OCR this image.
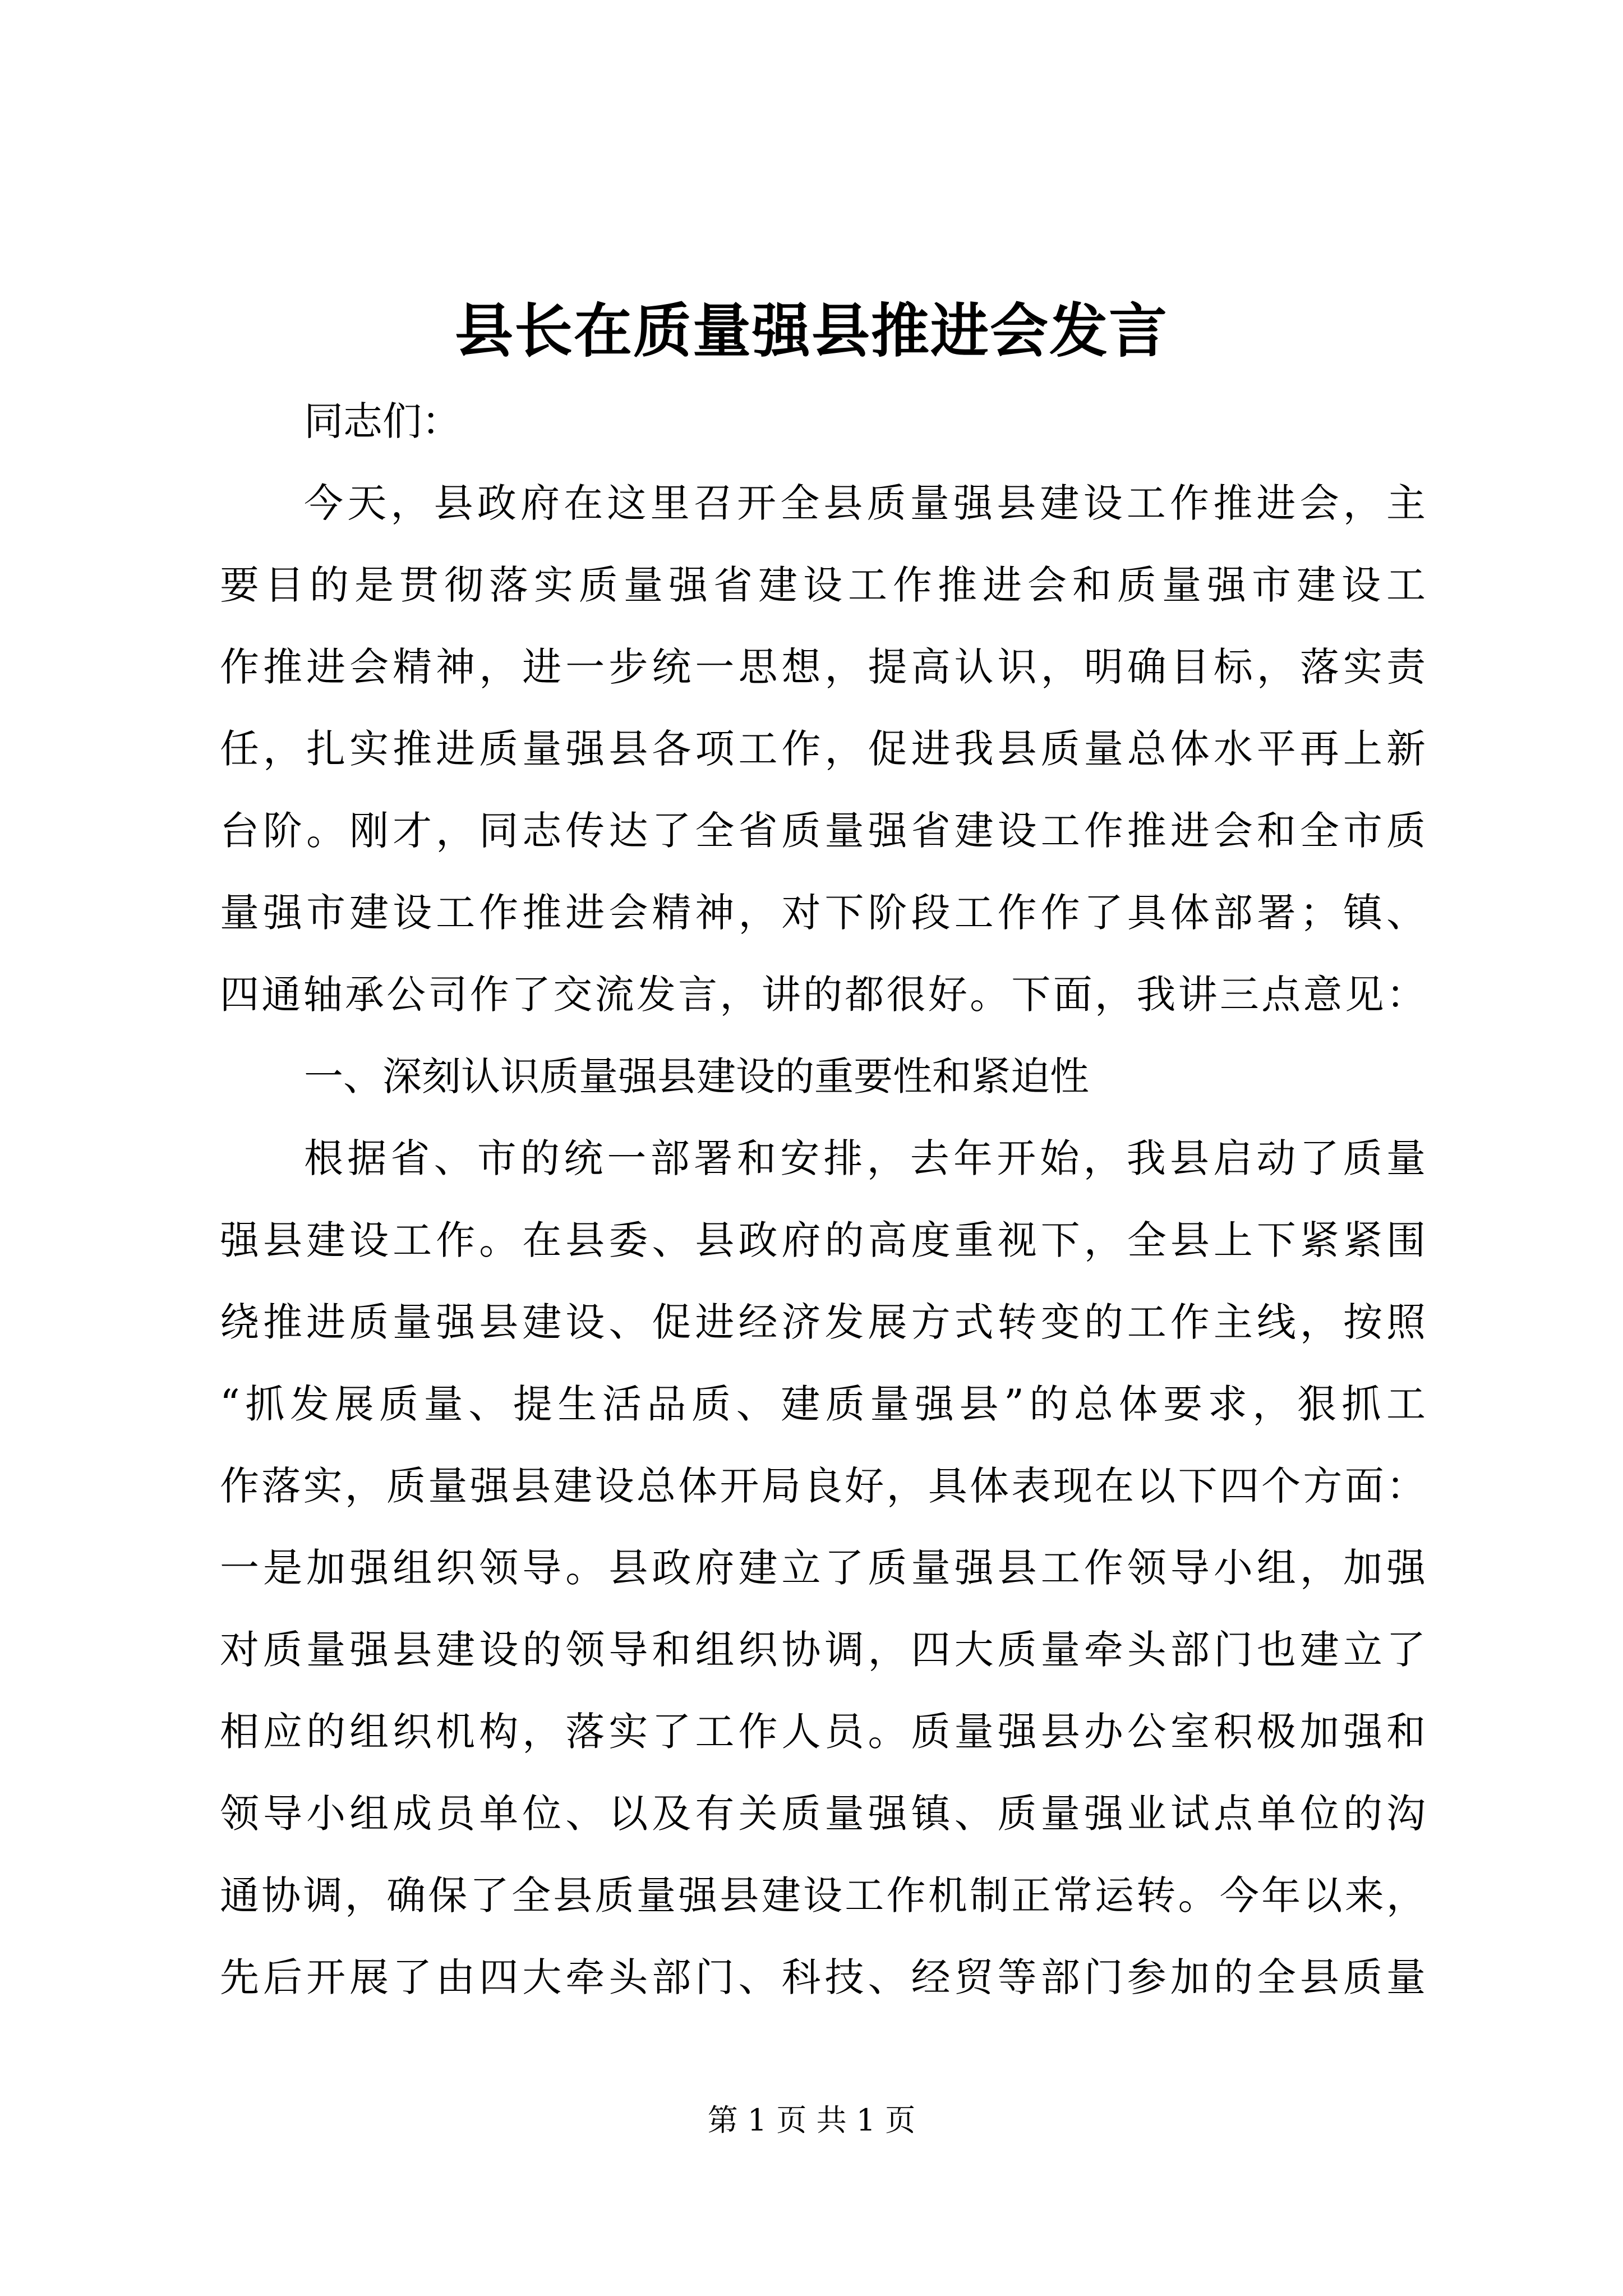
县长在质量强县推进会发言
同志们：
今天，县政府在这里召开全县质量强县建设工作推进会，主
要目的是贯彻落实质量强省建设工作推进会和质量强市建设工
作推进会精神，进一步统一思想，提高认识，明确目标，落实责
任，扎实推进质量强县各项工作，促进我县质量总体水平再上新
台阶。刚才，同志传达了全省质量强省建设工作推进会和全市质
量强市建设工作推进会精神，对下阶段工作作了具体部署；镇、
四通轴承公司作了交流发言，讲的都很好。下面，我讲三点意见：
一、深刻认识质量强县建设的重要性和紧迫性
根据省、市的统一部署和安排，去年开始，我县启动了质量
强县建设工作。在县委、县政府的高度重视下，全县上下紧紧围
绕推进质量强县建设、促进经济发展方式转变的工作主线，按照
“抓发展质量、提生活品质、建质量强县”的总体要求，狠抓工
作落实，质量强县建设总体开局良好，具体表现在以下四个方面：
一是加强组织领导。县政府建立了质量强县工作领导小组，加强
对质量强县建设的领导和组织协调，四大质量牵头部门也建立了
相应的组织机构，落实了工作人员。质量强县办公室积极加强和
领导小组成员单位、以及有关质量强镇、质量强业试点单位的沟
通协调，确保了全县质量强县建设工作机制正常运转。今年以来，
先后开展了由四大牵头部门、科技、经贸等部门参加的全县质量
第 1 页 共 1 页
